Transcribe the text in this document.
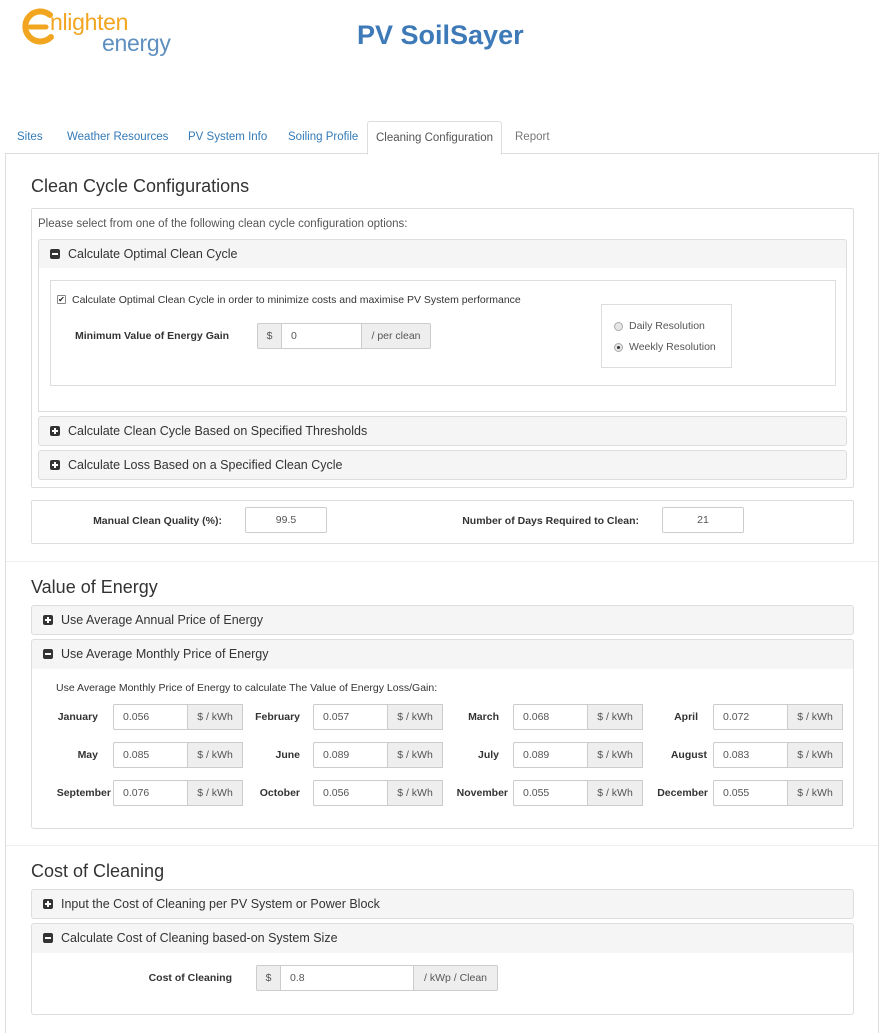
nlighten
energy	PV SoilSayer
Sites Weather Resources PV System Info Soiling Profile	Cleaning Configuration	Report
Clean Cycle Configurations
Please select from one of the following clean cycle configuration options:
Calculate Optimal Clean Cycle
✔ Calculate Optimal Clean Cycle in order to minimize costs and maximise PV System performance
Minimum Value of Energy Gain	$	0	/ per clean
Daily Resolution
Weekly Resolution
Calculate Clean Cycle Based on Specified Thresholds
Calculate Loss Based on a Specified Clean Cycle
Manual Clean Quality (%):	99.5	Number of Days Required to Clean:	21
Value of Energy
Use Average Annual Price of Energy
Use Average Monthly Price of Energy
Use Average Monthly Price of Energy to calculate The Value of Energy Loss/Gain:
January	0.056	$ / kWh	February	0.057	$ / kWh	March	0.068	$ / kWh	April	0.072	$ / kWh
May	0.085	$ / kWh	June	0.089	$ / kWh	July	0.089	$ / kWh	August	0.083	$ / kWh
September	0.076	$ / kWh	October	0.056	$ / kWh	November	0.055	$ / kWh	December	0.055	$ / kWh
Cost of Cleaning
Input the Cost of Cleaning per PV System or Power Block
Calculate Cost of Cleaning based-on System Size
Cost of Cleaning	$	0.8	/ kWp / Clean
